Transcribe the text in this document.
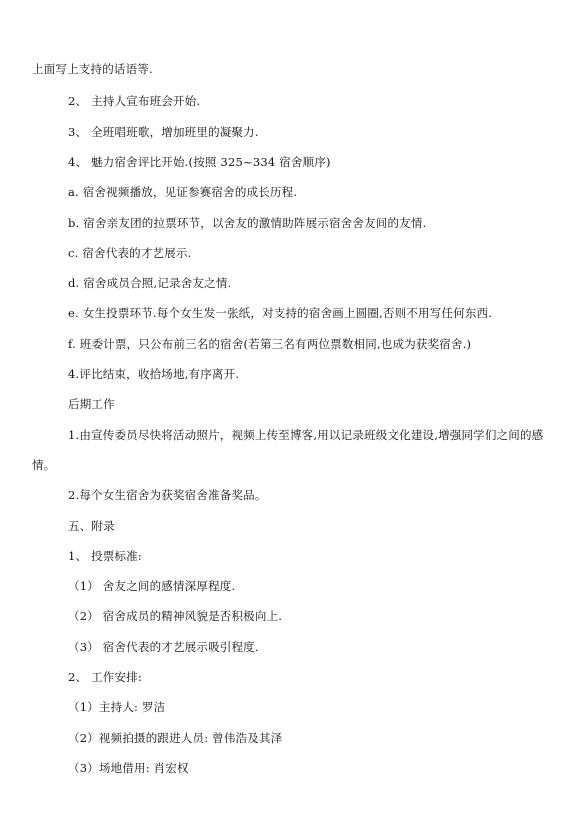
上面写上支持的话语等.
2、 主持人宣布班会开始.
3、 全班唱班歌，增加班里的凝聚力.
4、 魅力宿舍评比开始.(按照 325~334 宿舍顺序)
a. 宿舍视频播放，见证参赛宿舍的成长历程.
b. 宿舍亲友团的拉票环节，以舍友的激情助阵展示宿舍舍友间的友情.
c. 宿舍代表的才艺展示.
d. 宿舍成员合照,记录舍友之情.
e. 女生投票环节.每个女生发一张纸，对支持的宿舍画上圆圈,否则不用写任何东西.
f. 班委计票，只公布前三名的宿舍(若第三名有两位票数相同,也成为获奖宿舍.)
4.评比结束，收拾场地,有序离开.
后期工作
1.由宣传委员尽快将活动照片，视频上传至博客,用以记录班级文化建设,增强同学们之间的感
情。
2.每个女生宿舍为获奖宿舍准备奖品。
五、附录
1、 投票标准:
（1） 舍友之间的感情深厚程度.
（2） 宿舍成员的精神风貌是否积极向上.
（3） 宿舍代表的才艺展示吸引程度.
2、 工作安排:
（1）主持人: 罗洁
（2）视频拍摄的跟进人员: 曾伟浩及其泽
（3）场地借用: 肖宏权
